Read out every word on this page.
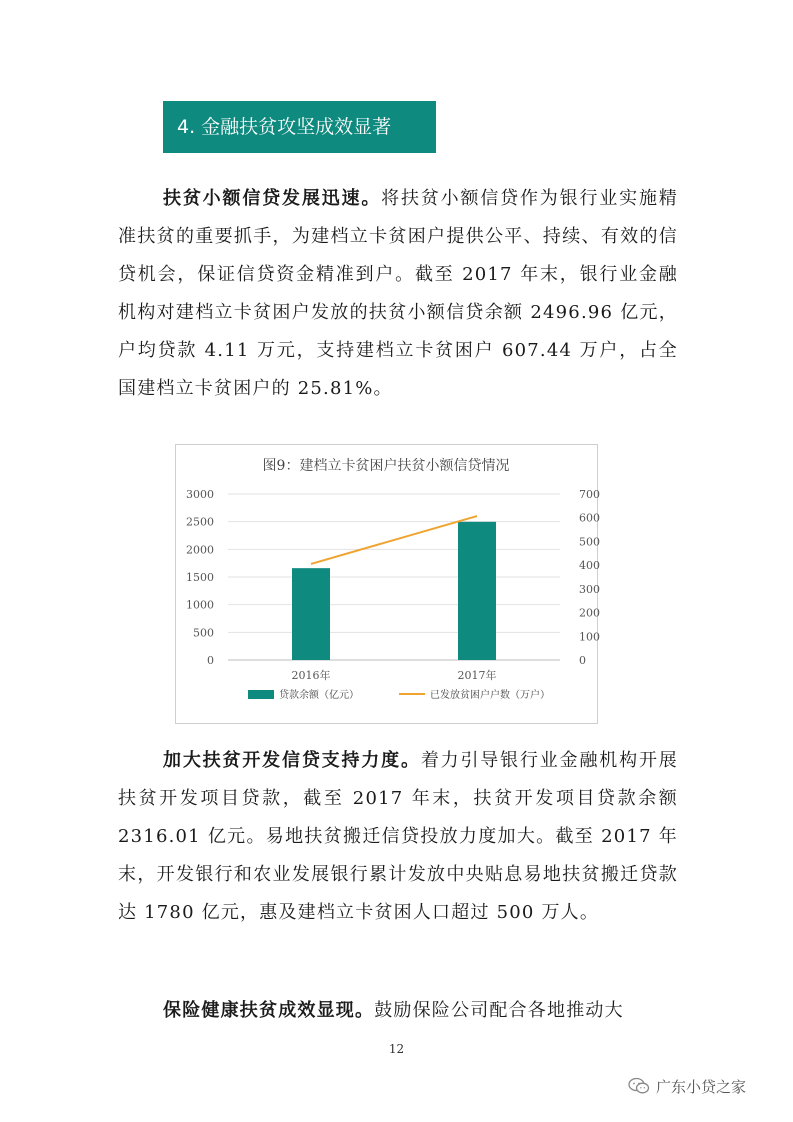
4. 金融扶贫攻坚成效显著

扶贫小额信贷发展迅速。将扶贫小额信贷作为银行业实施精准扶贫的重要抓手，为建档立卡贫困户提供公平、持续、有效的信贷机会，保证信贷资金精准到户。截至 2017 年末，银行业金融机构对建档立卡贫困户发放的扶贫小额信贷余额 2496.96 亿元，户均贷款 4.11 万元，支持建档立卡贫困户 607.44 万户，占全国建档立卡贫困户的 25.81%。

图9：建档立卡贫困户扶贫小额信贷情况
0
500
1000
1500
2000
2500
3000
0
100
200
300
400
500
600
700
2016年	2017年
贷款余额（亿元）	已发放贫困户户数（万户）

加大扶贫开发信贷支持力度。着力引导银行业金融机构开展扶贫开发项目贷款，截至 2017 年末，扶贫开发项目贷款余额 2316.01 亿元。易地扶贫搬迁信贷投放力度加大。截至 2017 年末，开发银行和农业发展银行累计发放中央贴息易地扶贫搬迁贷款达 1780 亿元，惠及建档立卡贫困人口超过 500 万人。

保险健康扶贫成效显现。鼓励保险公司配合各地推动大

12
广东小贷之家
